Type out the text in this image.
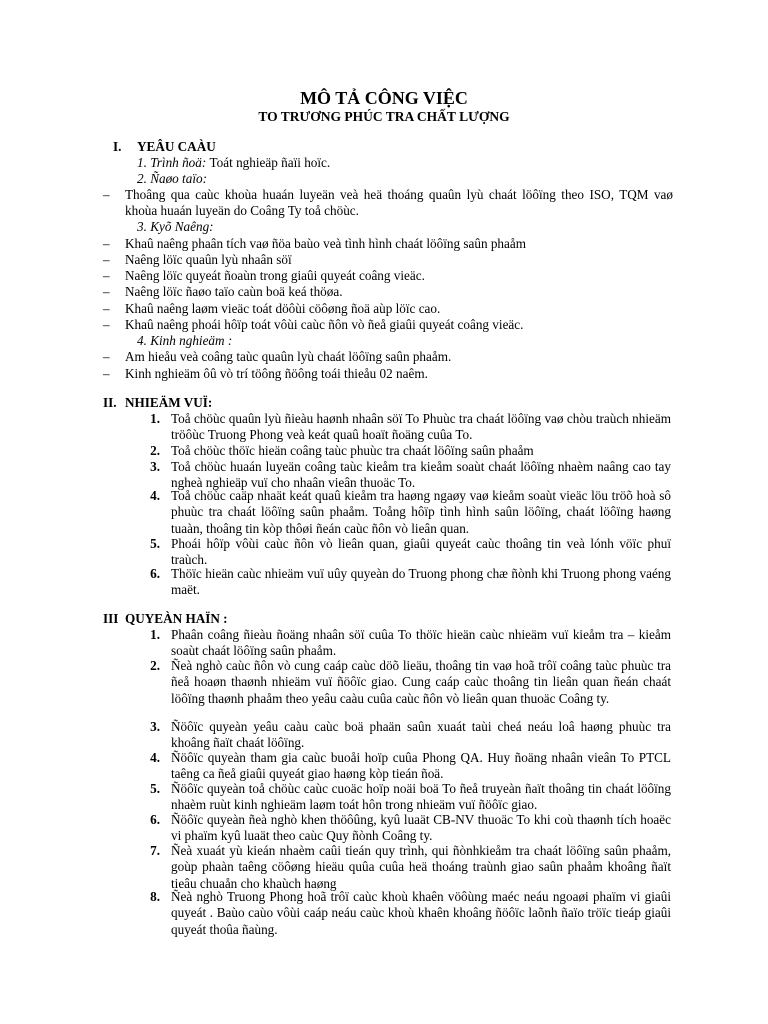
MÔ TẢ CÔNG VIỆC
TO TRƯƠNG PHÚC TRA CHẤT LƯỢNG
I. YEÂU CAÀU
1. Trình ñoä: Toát nghieäp ñaïi hoïc.
2. Ñaøo taïo:
– Thoâng qua caùc khoùa huaán luyeän veà heä thoáng quaûn lyù chaát löôïng theo ISO, TQM vaø khoùa huaán luyeän do Coâng Ty toå chöùc.
3. Kyõ Naêng:
– Khaû naêng phaân tích vaø ñöa baùo veà tình hình chaát löôïng saûn phaåm
– Naêng löïc quaûn lyù nhaân söï
– Naêng löïc quyeát ñoaùn trong giaûi quyeát coâng vieäc.
– Naêng löïc ñaøo taïo caùn boä keá thöøa.
– Khaû naêng laøm vieäc toát döôùi cöôøng ñoä aùp löïc cao.
– Khaû naêng phoái hôïp toát vôùi caùc ñôn vò ñeå giaûi quyeát coâng vieäc.
4. Kinh nghieäm :
– Am hieåu veà coâng taùc quaûn lyù chaát löôïng saûn phaåm.
– Kinh nghieäm ôû vò trí töông ñöông toái thieåu 02 naêm.
II. NHIEÄM VUÏ:
1. Toå chöùc quaûn lyù ñieàu haønh nhaân söï To Phuùc tra chaát löôïng vaø chòu traùch nhieäm tröôùc Truong Phong veà keát quaû hoaït ñoäng cuûa To.
2. Toå chöùc thöïc hieän coâng taùc phuùc tra chaát löôïng saûn phaåm
3. Toå chöùc huaán luyeän coâng taùc kieåm tra kieåm soaùt chaát löôïng nhaèm naâng cao tay ngheà nghieäp vuï cho nhaân vieân thuoäc To.
4. Toå chöùc caäp nhaät keát quaû kieåm tra haøng ngaøy vaø kieåm soaùt vieäc löu tröõ hoà sô phuùc tra chaát löôïng saûn phaåm. Toång hôïp tình hình saûn löôïng, chaát löôïng haøng tuaàn, thoâng tin kòp thôøi ñeán caùc ñôn vò lieân quan.
5. Phoái hôïp vôùi caùc ñôn vò lieân quan, giaûi quyeát caùc thoâng tin veà lónh vöïc phuï traùch.
6. Thöïc hieän caùc nhieäm vuï uûy quyeàn do Truong phong chæ ñònh khi Truong phong vaéng maët.
III QUYEÀN HAÏN :
1. Phaân coâng ñieàu ñoäng nhaân söï cuûa To thöïc hieän caùc nhieäm vuï kieåm tra – kieåm soaùt chaát löôïng saûn phaåm.
2. Ñeà nghò caùc ñôn vò cung caáp caùc döõ lieäu, thoâng tin vaø hoã trôï coâng taùc phuùc tra ñeå hoaøn thaønh nhieäm vuï ñöôïc giao. Cung caáp caùc thoâng tin lieân quan ñeán chaát löôïng thaønh phaåm theo yeâu caàu cuûa caùc ñôn vò lieân quan thuoäc Coâng ty.
3. Ñöôïc quyeàn yeâu caàu caùc boä phaän saûn xuaát taùi cheá neáu loâ haøng phuùc tra khoâng ñaït chaát löôïng.
4. Ñöôïc quyeàn tham gia caùc buoåi hoïp cuûa Phong QA. Huy ñoäng nhaân vieân To PTCL taêng ca ñeå giaûi quyeát giao haøng kòp tieán ñoä.
5. Ñöôïc quyeàn toå chöùc caùc cuoäc hoïp noäi boä To ñeå truyeàn ñaït thoâng tin chaát löôïng nhaèm ruùt kinh nghieäm laøm toát hôn trong nhieäm vuï ñöôïc giao.
6. Ñöôïc quyeàn ñeà nghò khen thöôûng, kyû luaät CB-NV thuoäc To khi coù thaønh tích hoaëc vi phaïm kyû luaät theo caùc Quy ñònh Coâng ty.
7. Ñeà xuaát yù kieán nhaèm caûi tieán quy trình, qui ñònhkieåm tra chaát löôïng saûn phaåm, goùp phaàn taêng cöôøng hieäu quûa cuûa heä thoáng traùnh giao saûn phaåm khoâng ñaït tieâu chuaån cho khaùch haøng
8. Ñeà nghò Truong Phong hoã trôï caùc khoù khaên vöôùng maéc neáu ngoaøi phaïm vi giaûi quyeát . Baùo caùo vôùi caáp neáu caùc khoù khaên khoâng ñöôïc laõnh ñaïo tröïc tieáp giaûi quyeát thoûa ñaùng.
